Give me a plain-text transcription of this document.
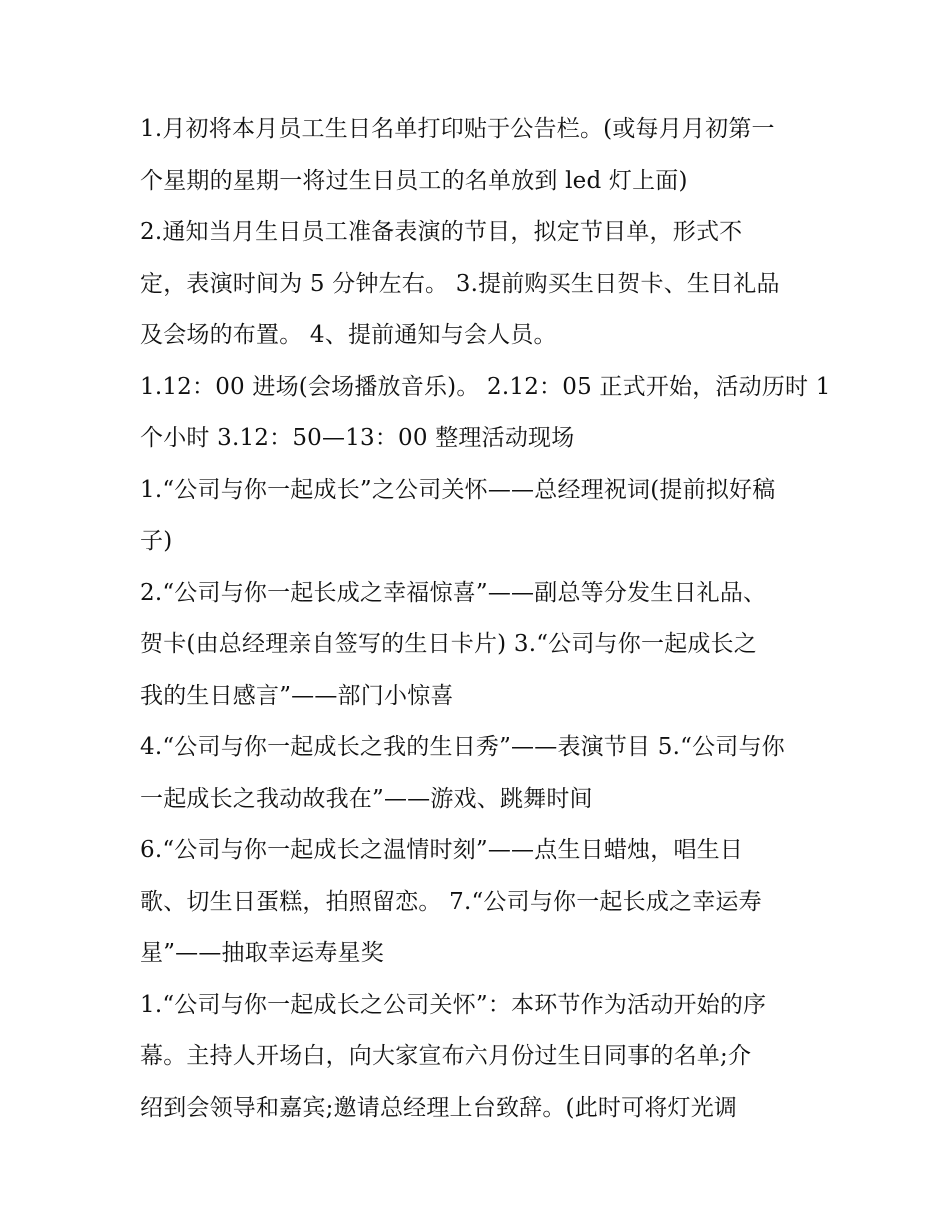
1.月初将本月员工生日名单打印贴于公告栏。(或每月月初第一
个星期的星期一将过生日员工的名单放到 led 灯上面)
2.通知当月生日员工准备表演的节目，拟定节目单，形式不
定，表演时间为 5 分钟左右。 3.提前购买生日贺卡、生日礼品
及会场的布置。 4、提前通知与会人员。
1.12：00 进场(会场播放音乐)。 2.12：05 正式开始，活动历时 1
个小时 3.12：50—13：00 整理活动现场
1.“公司与你一起成长”之公司关怀——总经理祝词(提前拟好稿
子)
2.“公司与你一起长成之幸福惊喜”——副总等分发生日礼品、
贺卡(由总经理亲自签写的生日卡片) 3.“公司与你一起成长之
我的生日感言”——部门小惊喜
4.“公司与你一起成长之我的生日秀”——表演节目 5.“公司与你
一起成长之我动故我在”——游戏、跳舞时间
6.“公司与你一起成长之温情时刻”——点生日蜡烛，唱生日
歌、切生日蛋糕，拍照留恋。 7.“公司与你一起长成之幸运寿
星”——抽取幸运寿星奖
1.“公司与你一起成长之公司关怀”：本环节作为活动开始的序
幕。主持人开场白，向大家宣布六月份过生日同事的名单;介
绍到会领导和嘉宾;邀请总经理上台致辞。(此时可将灯光调
